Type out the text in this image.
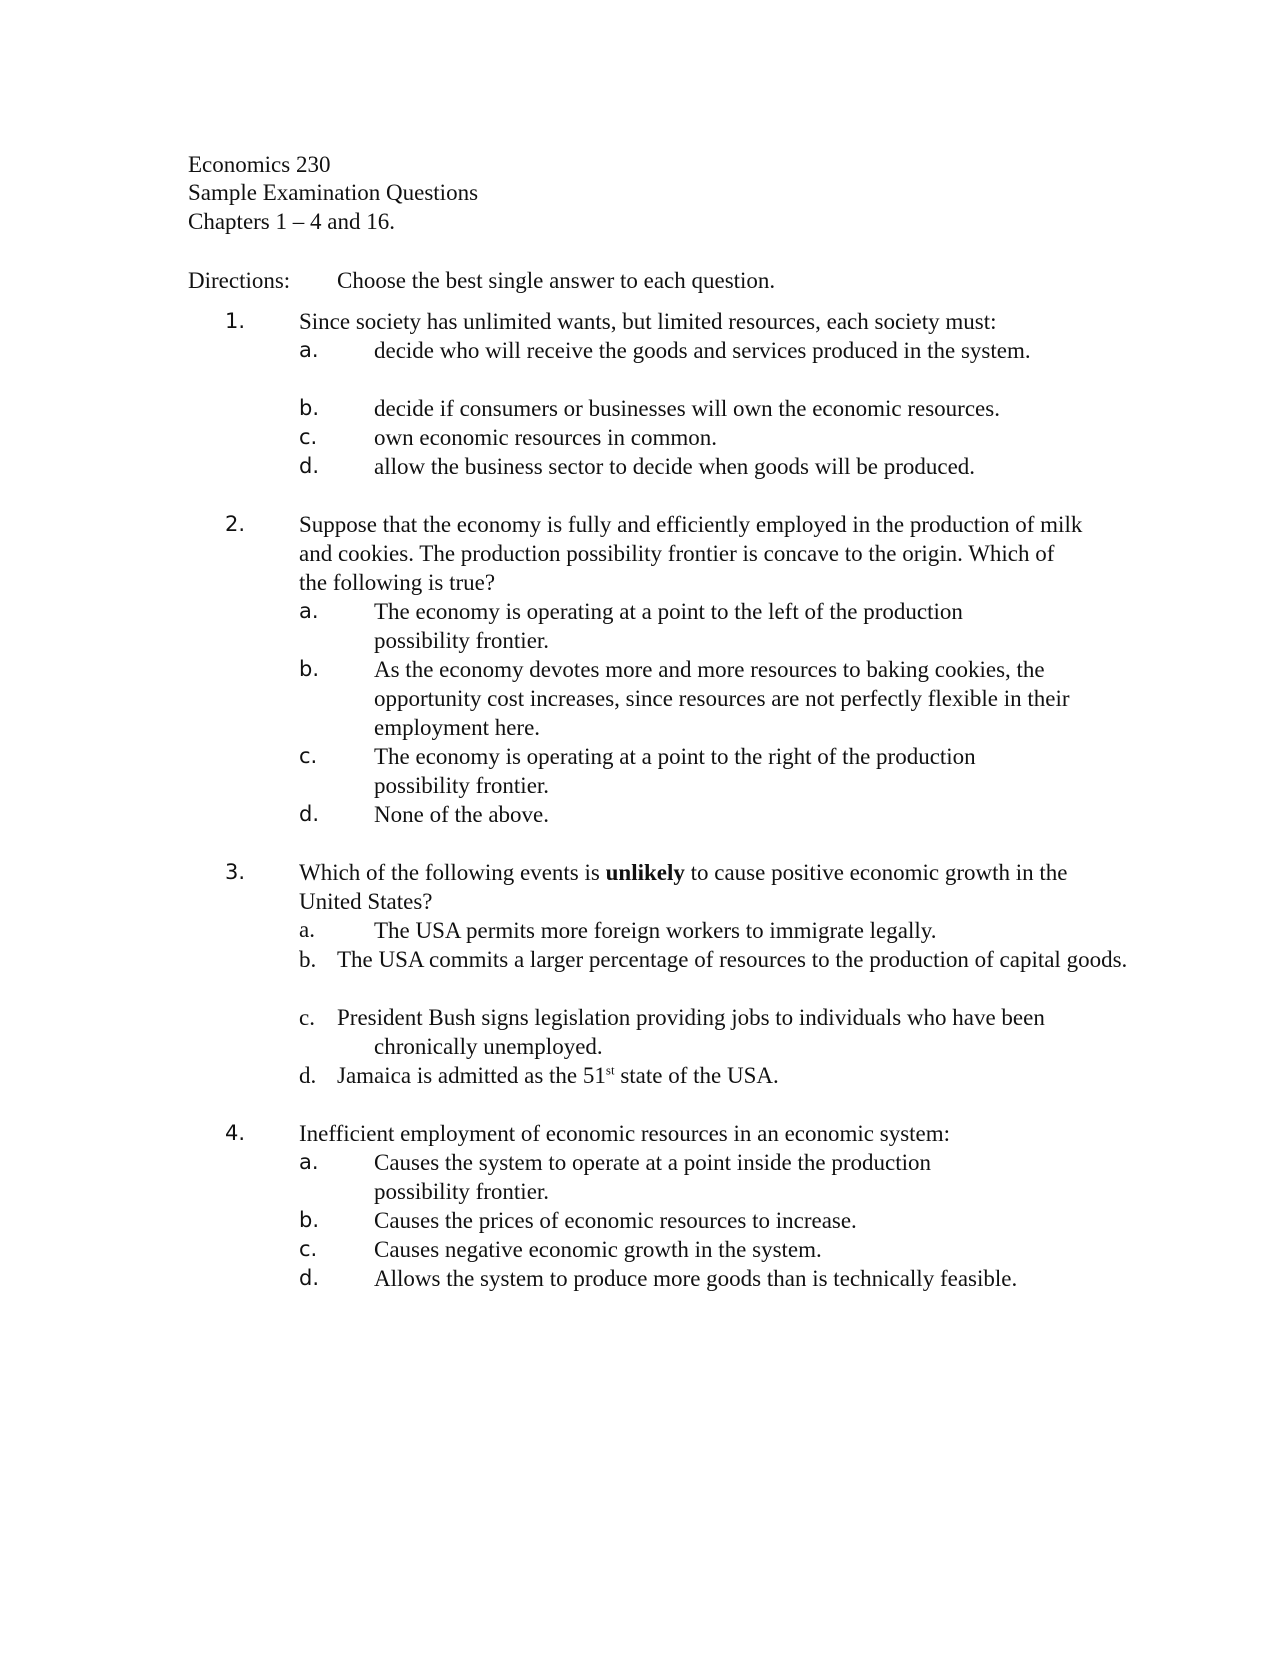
Economics 230
Sample Examination Questions
Chapters 1 – 4 and 16.
Directions: Choose the best single answer to each question.
1. Since society has unlimited wants, but limited resources, each society must:
a. decide who will receive the goods and services produced in the system.
b. decide if consumers or businesses will own the economic resources.
c. own economic resources in common.
d. allow the business sector to decide when goods will be produced.
2. Suppose that the economy is fully and efficiently employed in the production of milk and cookies. The production possibility frontier is concave to the origin. Which of the following is true?
a. The economy is operating at a point to the left of the production possibility frontier.
b. As the economy devotes more and more resources to baking cookies, the opportunity cost increases, since resources are not perfectly flexible in their employment here.
c. The economy is operating at a point to the right of the production possibility frontier.
d. None of the above.
3. Which of the following events is unlikely to cause positive economic growth in the United States?
a.	The USA permits more foreign workers to immigrate legally.
b. The USA commits a larger percentage of resources to the production of capital goods.
c. President Bush signs legislation providing jobs to individuals who have been chronically unemployed.
d. Jamaica is admitted as the 51st state of the USA.
4. Inefficient employment of economic resources in an economic system:
a. Causes the system to operate at a point inside the production possibility frontier.
b. Causes the prices of economic resources to increase.
c. Causes negative economic growth in the system.
d. Allows the system to produce more goods than is technically feasible.
